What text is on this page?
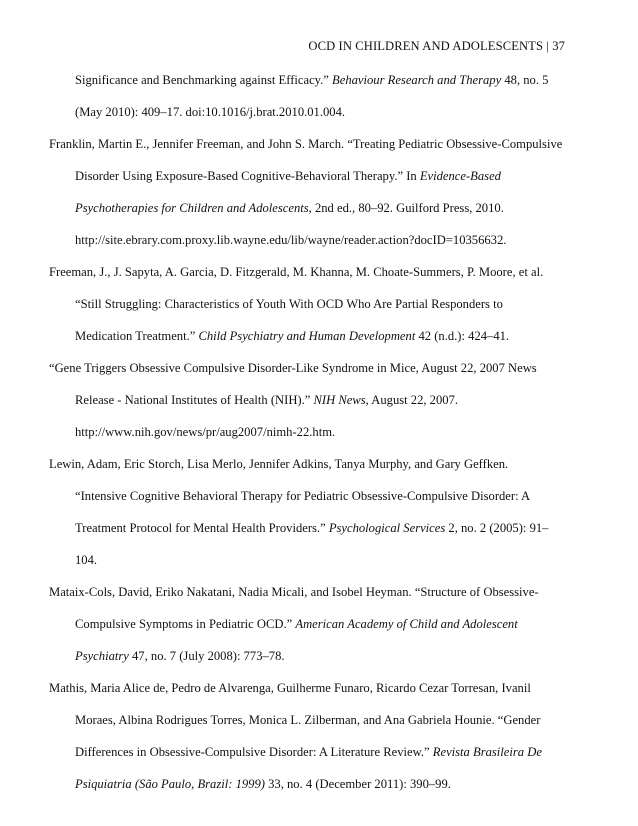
OCD IN CHILDREN AND ADOLESCENTS | 37
Significance and Benchmarking against Efficacy.” Behaviour Research and Therapy 48, no. 5
(May 2010): 409–17. doi:10.1016/j.brat.2010.01.004.
Franklin, Martin E., Jennifer Freeman, and John S. March. “Treating Pediatric Obsessive-Compulsive
Disorder Using Exposure-Based Cognitive-Behavioral Therapy.” In Evidence-Based
Psychotherapies for Children and Adolescents, 2nd ed., 80–92. Guilford Press, 2010.
http://site.ebrary.com.proxy.lib.wayne.edu/lib/wayne/reader.action?docID=10356632.
Freeman, J., J. Sapyta, A. Garcia, D. Fitzgerald, M. Khanna, M. Choate-Summers, P. Moore, et al.
“Still Struggling: Characteristics of Youth With OCD Who Are Partial Responders to
Medication Treatment.” Child Psychiatry and Human Development 42 (n.d.): 424–41.
“Gene Triggers Obsessive Compulsive Disorder-Like Syndrome in Mice, August 22, 2007 News
Release - National Institutes of Health (NIH).” NIH News, August 22, 2007.
http://www.nih.gov/news/pr/aug2007/nimh-22.htm.
Lewin, Adam, Eric Storch, Lisa Merlo, Jennifer Adkins, Tanya Murphy, and Gary Geffken.
“Intensive Cognitive Behavioral Therapy for Pediatric Obsessive-Compulsive Disorder: A
Treatment Protocol for Mental Health Providers.” Psychological Services 2, no. 2 (2005): 91–
104.
Mataix-Cols, David, Eriko Nakatani, Nadia Micali, and Isobel Heyman. “Structure of Obsessive-
Compulsive Symptoms in Pediatric OCD.” American Academy of Child and Adolescent
Psychiatry 47, no. 7 (July 2008): 773–78.
Mathis, Maria Alice de, Pedro de Alvarenga, Guilherme Funaro, Ricardo Cezar Torresan, Ivanil
Moraes, Albina Rodrigues Torres, Monica L. Zilberman, and Ana Gabriela Hounie. “Gender
Differences in Obsessive-Compulsive Disorder: A Literature Review.” Revista Brasileira De
Psiquiatria (São Paulo, Brazil: 1999) 33, no. 4 (December 2011): 390–99.
